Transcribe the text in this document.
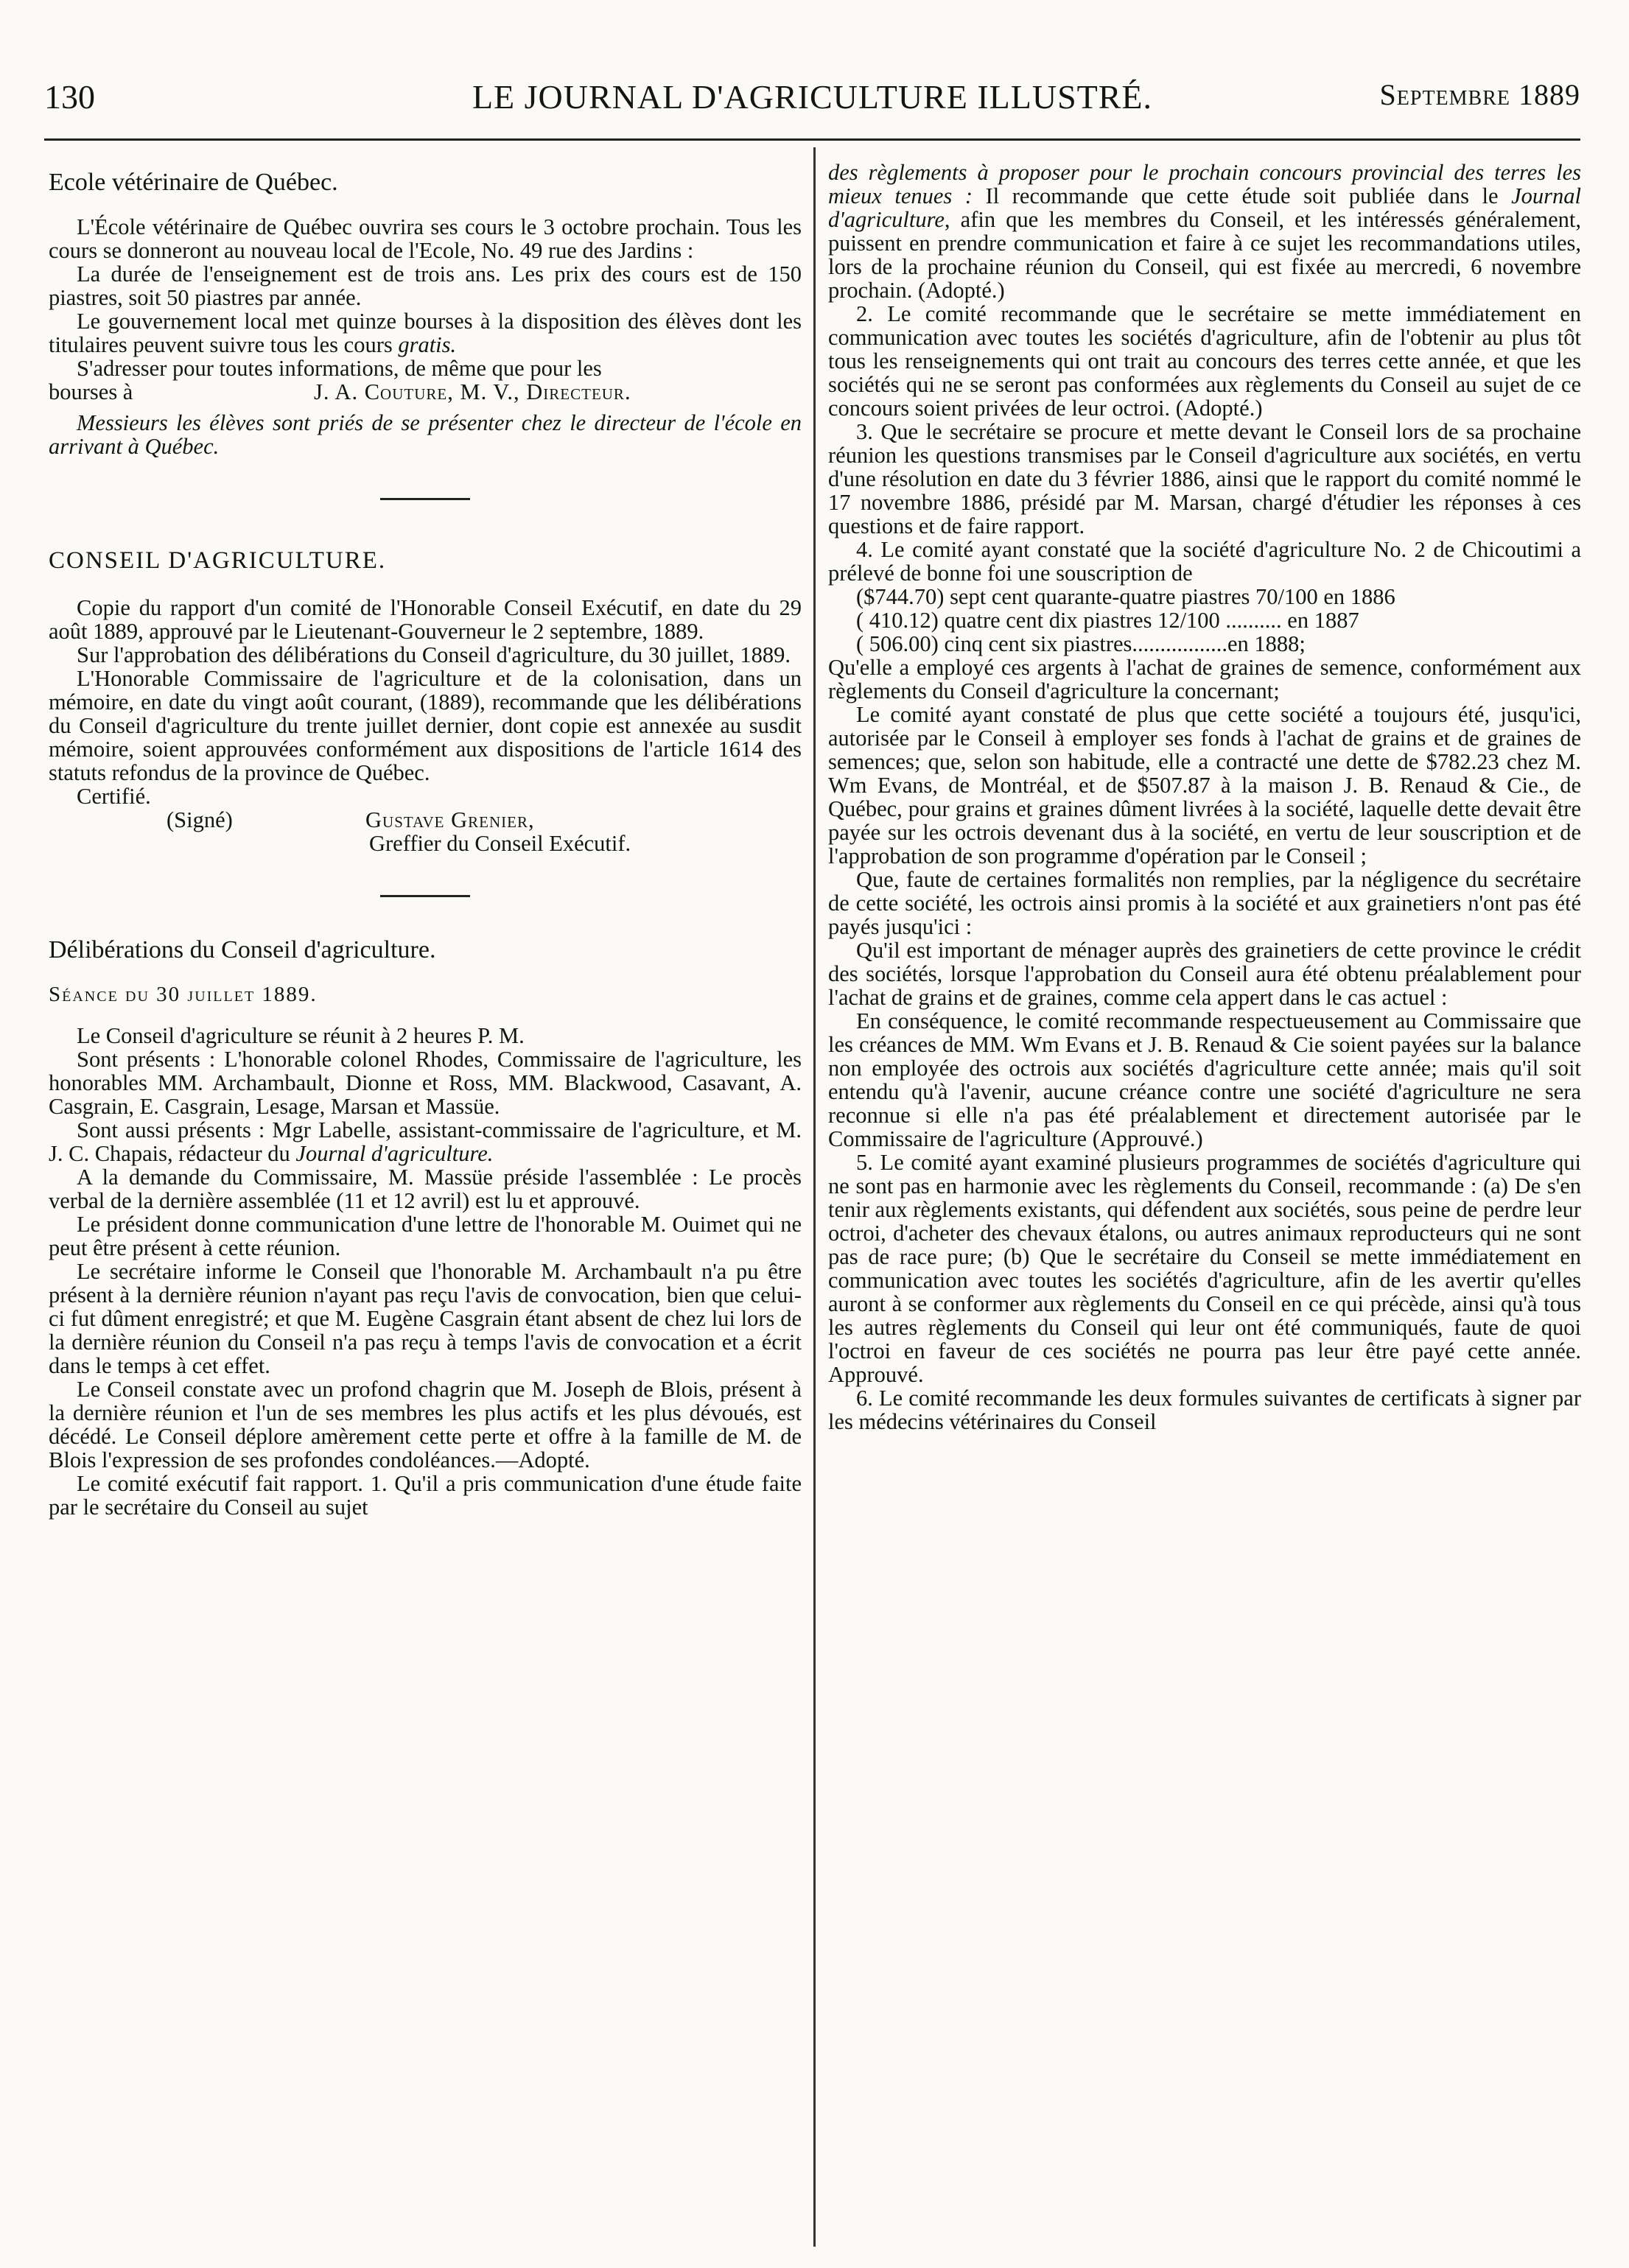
130	LE JOURNAL D'AGRICULTURE ILLUSTRÉ.	Septembre 1889

Ecole vétérinaire de Québec.

L'École vétérinaire de Québec ouvrira ses cours le 3 octobre prochain. Tous les cours se donneront au nouveau local de l'Ecole, No. 49 rue des Jardins :

La durée de l'enseignement est de trois ans. Les prix des cours est de 150 piastres, soit 50 piastres par année.

Le gouvernement local met quinze bourses à la disposition des élèves dont les titulaires peuvent suivre tous les cours gratis.

S'adresser pour toutes informations, de même que pour les

bourses à	J. A. Couture, M. V., Directeur.

Messieurs les élèves sont priés de se présenter chez le directeur de l'école en arrivant à Québec.

CONSEIL D'AGRICULTURE.

Copie du rapport d'un comité de l'Honorable Conseil Exécutif, en date du 29 août 1889, approuvé par le Lieutenant-Gouverneur le 2 septembre, 1889.

Sur l'approbation des délibérations du Conseil d'agriculture, du 30 juillet, 1889.

L'Honorable Commissaire de l'agriculture et de la colonisation, dans un mémoire, en date du vingt août courant, (1889), recommande que les délibérations du Conseil d'agriculture du trente juillet dernier, dont copie est annexée au susdit mémoire, soient approuvées conformément aux dispositions de l'article 1614 des statuts refondus de la province de Québec.

Certifié.

(Signé)	Gustave Grenier,
Greffier du Conseil Exécutif.

Délibérations du Conseil d'agriculture.

Séance du 30 juillet 1889.

Le Conseil d'agriculture se réunit à 2 heures P. M.

Sont présents : L'honorable colonel Rhodes, Commissaire de l'agriculture, les honorables MM. Archambault, Dionne et Ross, MM. Blackwood, Casavant, A. Casgrain, E. Casgrain, Lesage, Marsan et Massüe.

Sont aussi présents : Mgr Labelle, assistant-commissaire de l'agriculture, et M. J. C. Chapais, rédacteur du Journal d'agriculture.

A la demande du Commissaire, M. Massüe préside l'assemblée : Le procès verbal de la dernière assemblée (11 et 12 avril) est lu et approuvé.

Le président donne communication d'une lettre de l'honorable M. Ouimet qui ne peut être présent à cette réunion.

Le secrétaire informe le Conseil que l'honorable M. Archambault n'a pu être présent à la dernière réunion n'ayant pas reçu l'avis de convocation, bien que celui-ci fut dûment enregistré; et que M. Eugène Casgrain étant absent de chez lui lors de la dernière réunion du Conseil n'a pas reçu à temps l'avis de convocation et a écrit dans le temps à cet effet.

Le Conseil constate avec un profond chagrin que M. Joseph de Blois, présent à la dernière réunion et l'un de ses membres les plus actifs et les plus dévoués, est décédé. Le Conseil déplore amèrement cette perte et offre à la famille de M. de Blois l'expression de ses profondes condoléances.—Adopté.

Le comité exécutif fait rapport. 1. Qu'il a pris communication d'une étude faite par le secrétaire du Conseil au sujet

des règlements à proposer pour le prochain concours provincial des terres les mieux tenues : Il recommande que cette étude soit publiée dans le Journal d'agriculture, afin que les membres du Conseil, et les intéressés généralement, puissent en prendre communication et faire à ce sujet les recommandations utiles, lors de la prochaine réunion du Conseil, qui est fixée au mercredi, 6 novembre prochain. (Adopté.)

2. Le comité recommande que le secrétaire se mette immédiatement en communication avec toutes les sociétés d'agriculture, afin de l'obtenir au plus tôt tous les renseignements qui ont trait au concours des terres cette année, et que les sociétés qui ne se seront pas conformées aux règlements du Conseil au sujet de ce concours soient privées de leur octroi. (Adopté.)

3. Que le secrétaire se procure et mette devant le Conseil lors de sa prochaine réunion les questions transmises par le Conseil d'agriculture aux sociétés, en vertu d'une résolution en date du 3 février 1886, ainsi que le rapport du comité nommé le 17 novembre 1886, présidé par M. Marsan, chargé d'étudier les réponses à ces questions et de faire rapport.

4. Le comité ayant constaté que la société d'agriculture No. 2 de Chicoutimi a prélevé de bonne foi une souscription de

($744.70) sept cent quarante-quatre piastres 70/100 en 1886

( 410.12) quatre cent dix piastres 12/100 .......... en 1887

( 506.00) cinq cent six piastres.................en 1888;

Qu'elle a employé ces argents à l'achat de graines de semence, conformément aux règlements du Conseil d'agriculture la concernant;

Le comité ayant constaté de plus que cette société a toujours été, jusqu'ici, autorisée par le Conseil à employer ses fonds à l'achat de grains et de graines de semences; que, selon son habitude, elle a contracté une dette de $782.23 chez M. Wm Evans, de Montréal, et de $507.87 à la maison J. B. Renaud & Cie., de Québec, pour grains et graines dûment livrées à la société, laquelle dette devait être payée sur les octrois devenant dus à la société, en vertu de leur souscription et de l'approbation de son programme d'opération par le Conseil ;

Que, faute de certaines formalités non remplies, par la négligence du secrétaire de cette société, les octrois ainsi promis à la société et aux grainetiers n'ont pas été payés jusqu'ici :

Qu'il est important de ménager auprès des grainetiers de cette province le crédit des sociétés, lorsque l'approbation du Conseil aura été obtenu préalablement pour l'achat de grains et de graines, comme cela appert dans le cas actuel :

En conséquence, le comité recommande respectueusement au Commissaire que les créances de MM. Wm Evans et J. B. Renaud & Cie soient payées sur la balance non employée des octrois aux sociétés d'agriculture cette année; mais qu'il soit entendu qu'à l'avenir, aucune créance contre une société d'agriculture ne sera reconnue si elle n'a pas été préalablement et directement autorisée par le Commissaire de l'agriculture (Approuvé.)

5. Le comité ayant examiné plusieurs programmes de sociétés d'agriculture qui ne sont pas en harmonie avec les règlements du Conseil, recommande : (a) De s'en tenir aux règlements existants, qui défendent aux sociétés, sous peine de perdre leur octroi, d'acheter des chevaux étalons, ou autres animaux reproducteurs qui ne sont pas de race pure; (b) Que le secrétaire du Conseil se mette immédiatement en communication avec toutes les sociétés d'agriculture, afin de les avertir qu'elles auront à se conformer aux règlements du Conseil en ce qui précède, ainsi qu'à tous les autres règlements du Conseil qui leur ont été communiqués, faute de quoi l'octroi en faveur de ces sociétés ne pourra pas leur être payé cette année. Approuvé.

6. Le comité recommande les deux formules suivantes de certificats à signer par les médecins vétérinaires du Conseil
